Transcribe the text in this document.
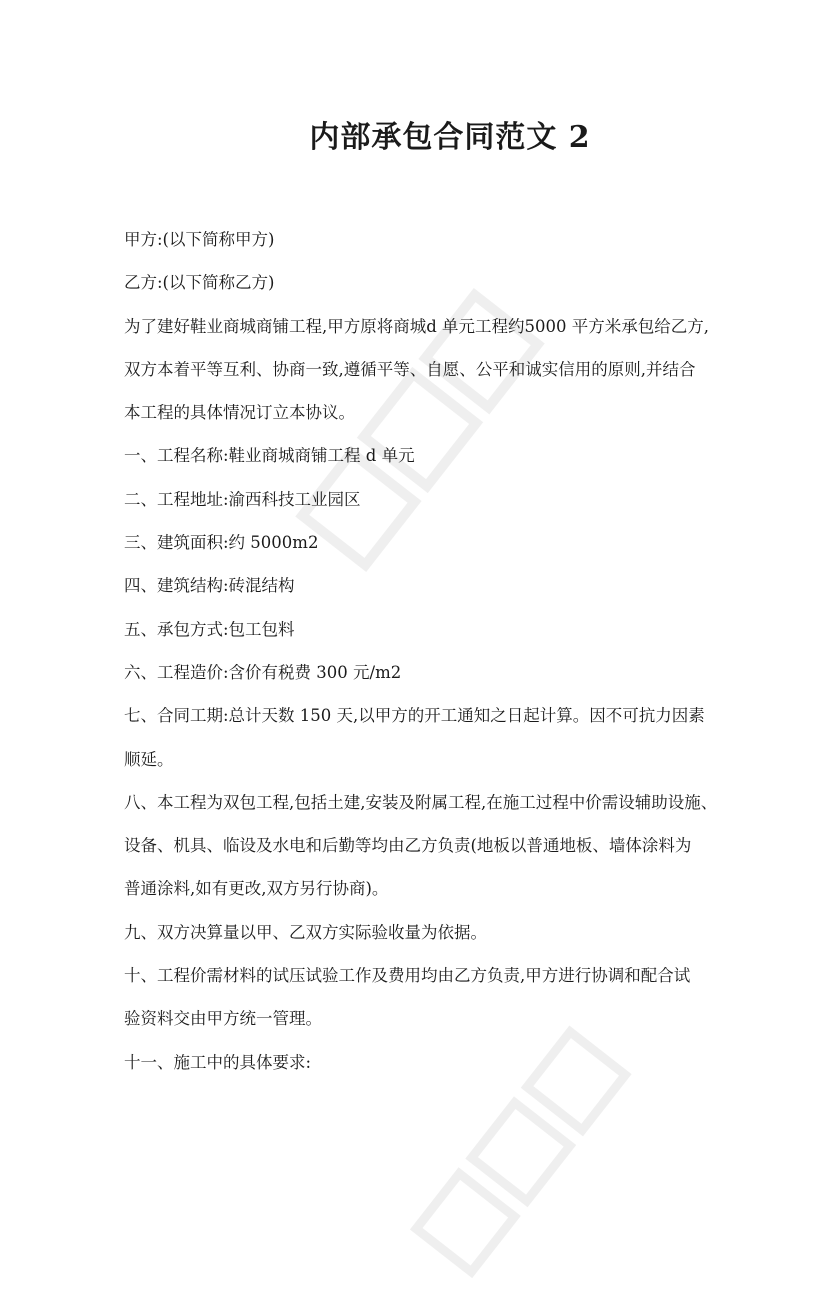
内部承包合同范文 2
甲方:(以下简称甲方)
乙方:(以下简称乙方)
为了建好鞋业商城商铺工程,甲方原将商城d 单元工程约5000 平方米承包给乙方,
双方本着平等互利、协商一致,遵循平等、自愿、公平和诚实信用的原则,并结合
本工程的具体情况订立本协议。
一、工程名称:鞋业商城商铺工程 d 单元
二、工程地址:渝西科技工业园区
三、建筑面积:约 5000m2
四、建筑结构:砖混结构
五、承包方式:包工包料
六、工程造价:含价有税费 300 元/m2
七、合同工期:总计天数 150 天,以甲方的开工通知之日起计算。因不可抗力因素
顺延。
八、本工程为双包工程,包括土建,安装及附属工程,在施工过程中价需设辅助设施、
设备、机具、临设及水电和后勤等均由乙方负责(地板以普通地板、墙体涂料为
普通涂料,如有更改,双方另行协商)。
九、双方决算量以甲、乙双方实际验收量为依据。
十、工程价需材料的试压试验工作及费用均由乙方负责,甲方进行协调和配合试
验资料交由甲方统一管理。
十一、施工中的具体要求:
